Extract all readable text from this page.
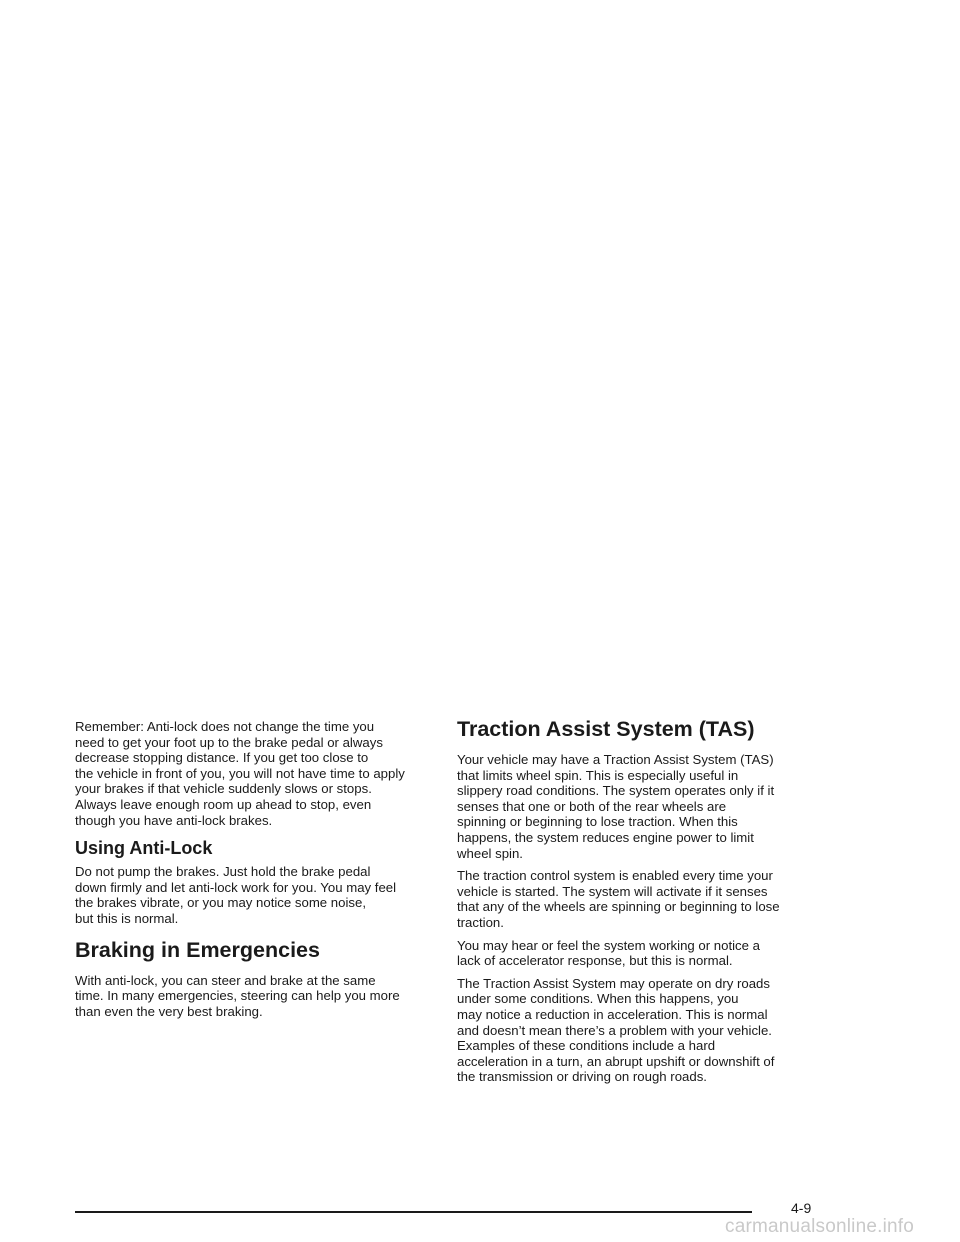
Remember: Anti-lock does not change the time you
need to get your foot up to the brake pedal or always
decrease stopping distance. If you get too close to
the vehicle in front of you, you will not have time to apply
your brakes if that vehicle suddenly slows or stops.
Always leave enough room up ahead to stop, even
though you have anti-lock brakes.

Using Anti-Lock

Do not pump the brakes. Just hold the brake pedal
down firmly and let anti-lock work for you. You may feel
the brakes vibrate, or you may notice some noise,
but this is normal.

Braking in Emergencies

With anti-lock, you can steer and brake at the same
time. In many emergencies, steering can help you more
than even the very best braking.

Traction Assist System (TAS)

Your vehicle may have a Traction Assist System (TAS)
that limits wheel spin. This is especially useful in
slippery road conditions. The system operates only if it
senses that one or both of the rear wheels are
spinning or beginning to lose traction. When this
happens, the system reduces engine power to limit
wheel spin.

The traction control system is enabled every time your
vehicle is started. The system will activate if it senses
that any of the wheels are spinning or beginning to lose
traction.

You may hear or feel the system working or notice a
lack of accelerator response, but this is normal.

The Traction Assist System may operate on dry roads
under some conditions. When this happens, you
may notice a reduction in acceleration. This is normal
and doesn’t mean there’s a problem with your vehicle.
Examples of these conditions include a hard
acceleration in a turn, an abrupt upshift or downshift of
the transmission or driving on rough roads.

4-9
carmanualsonline.info
